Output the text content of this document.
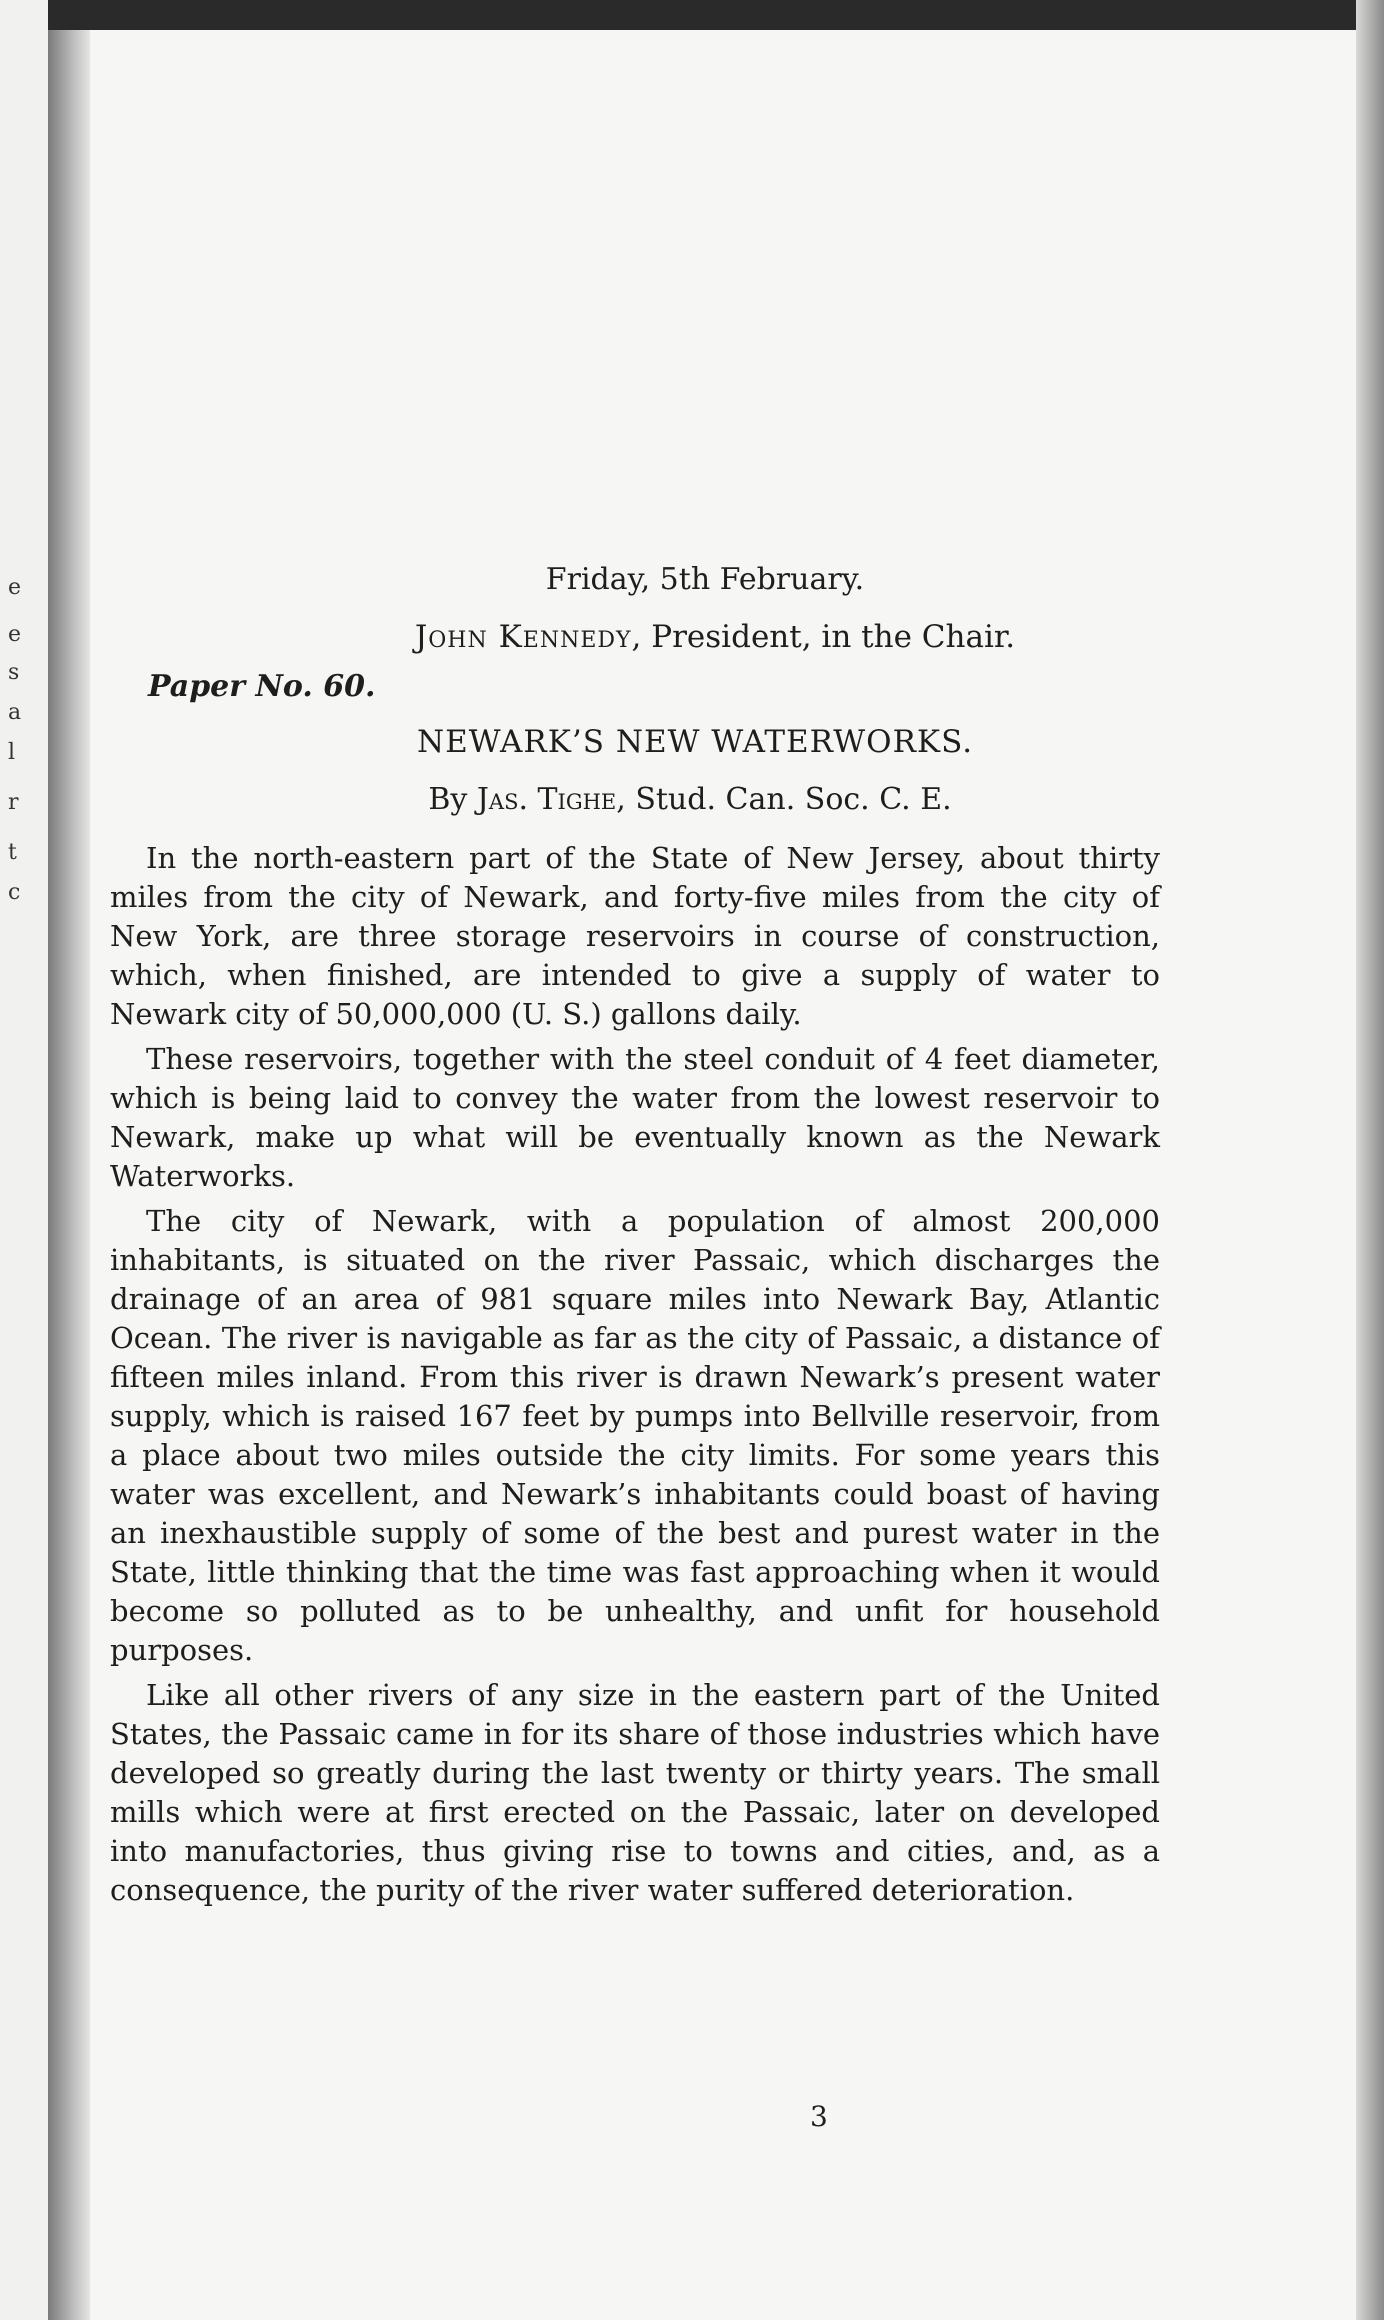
e
e
s
a
l
r
t
c

Friday, 5th February.

John Kennedy, President, in the Chair.

Paper No. 60.

NEWARK’S NEW WATERWORKS.

By Jas. Tighe, Stud. Can. Soc. C. E.

In the north-eastern part of the State of New Jersey, about thirty miles from the city of Newark, and forty-five miles from the city of New York, are three storage reservoirs in course of construction, which, when finished, are intended to give a supply of water to Newark city of 50,000,000 (U. S.) gallons daily.

These reservoirs, together with the steel conduit of 4 feet diameter, which is being laid to convey the water from the lowest reservoir to Newark, make up what will be eventually known as the Newark Waterworks.

The city of Newark, with a population of almost 200,000 inhabitants, is situated on the river Passaic, which discharges the drainage of an area of 981 square miles into Newark Bay, Atlantic Ocean. The river is navigable as far as the city of Passaic, a distance of fifteen miles inland. From this river is drawn Newark’s present water supply, which is raised 167 feet by pumps into Bellville reservoir, from a place about two miles outside the city limits. For some years this water was excellent, and Newark’s inhabitants could boast of having an inexhaustible supply of some of the best and purest water in the State, little thinking that the time was fast approaching when it would become so polluted as to be unhealthy, and unfit for household purposes.

Like all other rivers of any size in the eastern part of the United States, the Passaic came in for its share of those industries which have developed so greatly during the last twenty or thirty years. The small mills which were at first erected on the Passaic, later on developed into manufactories, thus giving rise to towns and cities, and, as a consequence, the purity of the river water suffered deterioration.

3
